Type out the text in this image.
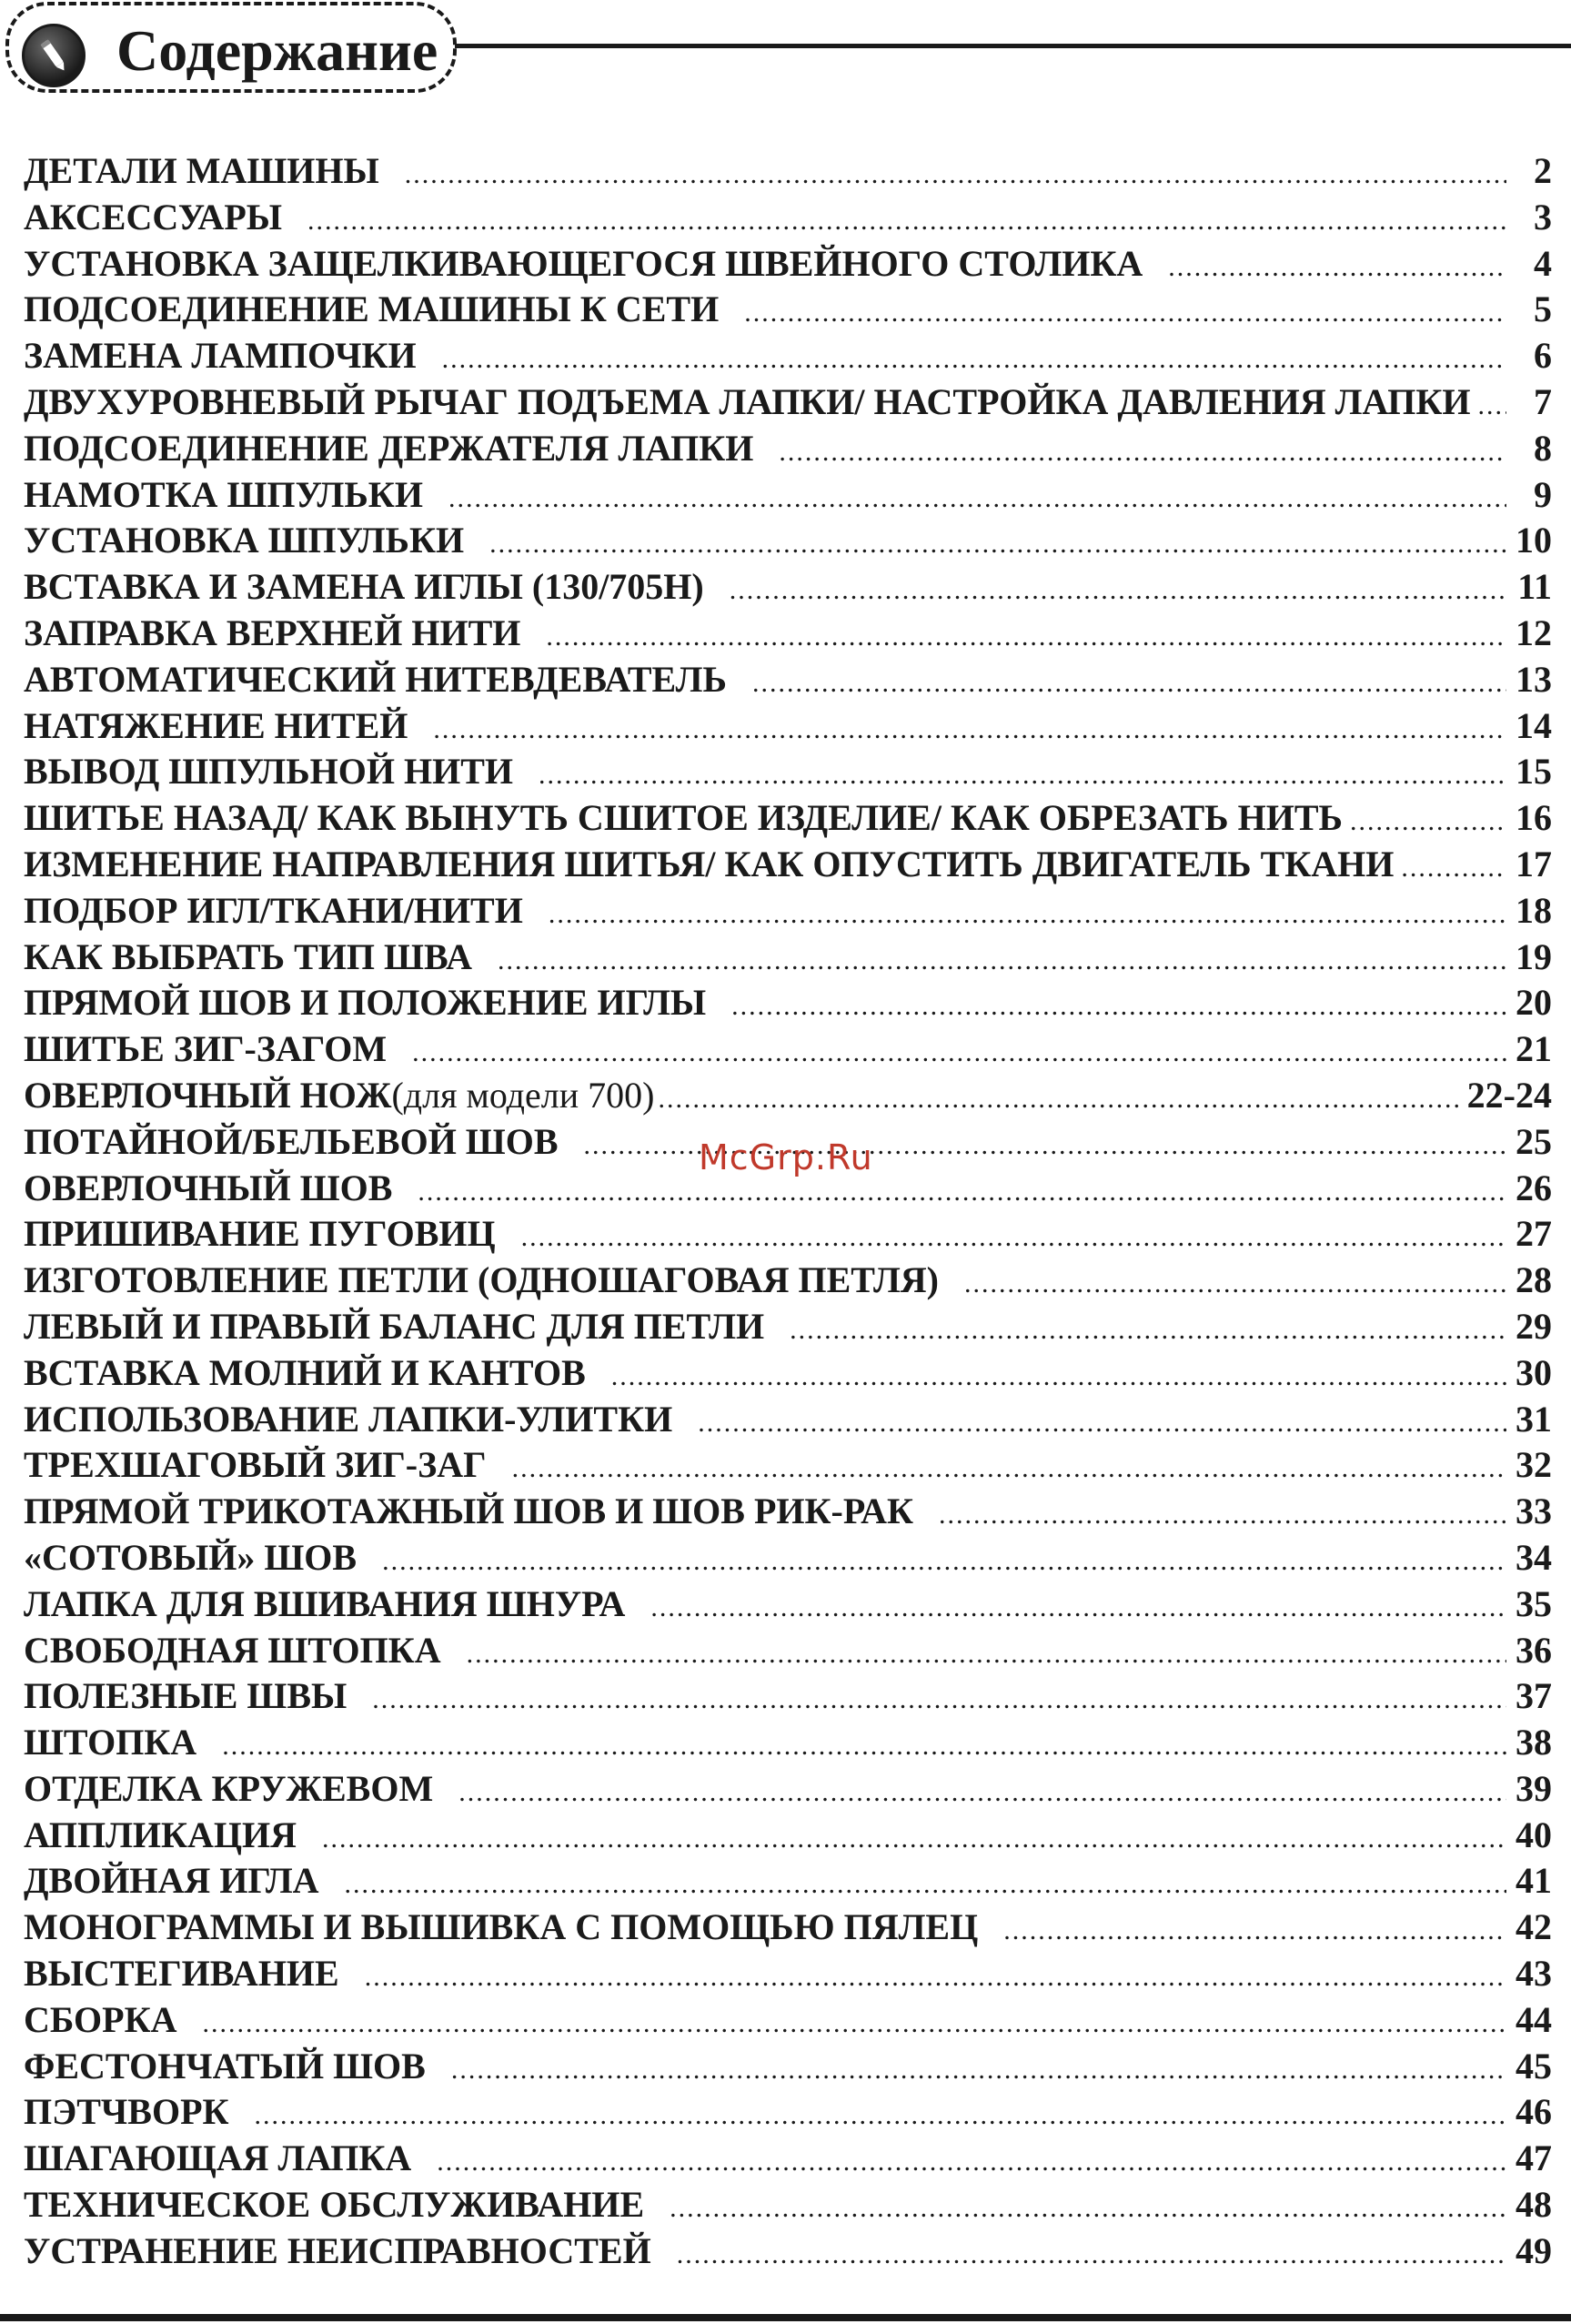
Содержание
ДЕТАЛИ МАШИНЫ .....	2
АКСЕССУАРЫ .....	3
УСТАНОВКА ЗАЩЕЛКИВАЮЩЕГОСЯ ШВЕЙНОГО СТОЛИКА .....	4
ПОДСОЕДИНЕНИЕ МАШИНЫ К СЕТИ .....	5
ЗАМЕНА ЛАМПОЧКИ .....	6
ДВУХУРОВНЕВЫЙ РЫЧАГ ПОДЪЕМА ЛАПКИ/ НАСТРОЙКА ДАВЛЕНИЯ ЛАПКИ .....	7
ПОДСОЕДИНЕНИЕ ДЕРЖАТЕЛЯ ЛАПКИ .....	8
НАМОТКА ШПУЛЬКИ .....	9
УСТАНОВКА ШПУЛЬКИ .....	10
ВСТАВКА И ЗАМЕНА ИГЛЫ (130/705H) .....	11
ЗАПРАВКА ВЕРХНЕЙ НИТИ .....	12
АВТОМАТИЧЕСКИЙ НИТЕВДЕВАТЕЛЬ .....	13
НАТЯЖЕНИЕ НИТЕЙ .....	14
ВЫВОД ШПУЛЬНОЙ НИТИ .....	15
ШИТЬЕ НАЗАД/ КАК ВЫНУТЬ СШИТОЕ ИЗДЕЛИЕ/ КАК ОБРЕЗАТЬ НИТЬ .....	16
ИЗМЕНЕНИЕ НАПРАВЛЕНИЯ ШИТЬЯ/ КАК ОПУСТИТЬ ДВИГАТЕЛЬ ТКАНИ .....	17
ПОДБОР ИГЛ/ТКАНИ/НИТИ .....	18
КАК ВЫБРАТЬ ТИП ШВА .....	19
ПРЯМОЙ ШОВ И ПОЛОЖЕНИЕ ИГЛЫ .....	20
ШИТЬЕ ЗИГ-ЗАГОМ .....	21
ОВЕРЛОЧНЫЙ НОЖ (для модели 700) .....	22-24
ПОТАЙНОЙ/БЕЛЬЕВОЙ ШОВ .....	25
ОВЕРЛОЧНЫЙ ШОВ .....	26
ПРИШИВАНИЕ ПУГОВИЦ .....	27
ИЗГОТОВЛЕНИЕ ПЕТЛИ (ОДНОШАГОВАЯ ПЕТЛЯ) .....	28
ЛЕВЫЙ И ПРАВЫЙ БАЛАНС ДЛЯ ПЕТЛИ .....	29
ВСТАВКА МОЛНИЙ И КАНТОВ .....	30
ИСПОЛЬЗОВАНИЕ ЛАПКИ-УЛИТКИ .....	31
ТРЕХШАГОВЫЙ ЗИГ-ЗАГ .....	32
ПРЯМОЙ ТРИКОТАЖНЫЙ ШОВ И ШОВ РИК-РАК .....	33
«СОТОВЫЙ» ШОВ .....	34
ЛАПКА ДЛЯ ВШИВАНИЯ ШНУРА .....	35
СВОБОДНАЯ ШТОПКА .....	36
ПОЛЕЗНЫЕ ШВЫ .....	37
ШТОПКА .....	38
ОТДЕЛКА КРУЖЕВОМ .....	39
АППЛИКАЦИЯ .....	40
ДВОЙНАЯ ИГЛА .....	41
МОНОГРАММЫ И ВЫШИВКА С ПОМОЩЬЮ ПЯЛЕЦ .....	42
ВЫСТЕГИВАНИЕ .....	43
СБОРКА .....	44
ФЕСТОНЧАТЫЙ ШОВ .....	45
ПЭТЧВОРК .....	46
ШАГАЮЩАЯ ЛАПКА .....	47
ТЕХНИЧЕСКОЕ ОБСЛУЖИВАНИЕ .....	48
УСТРАНЕНИЕ НЕИСПРАВНОСТЕЙ .....	49
McGrp.Ru
